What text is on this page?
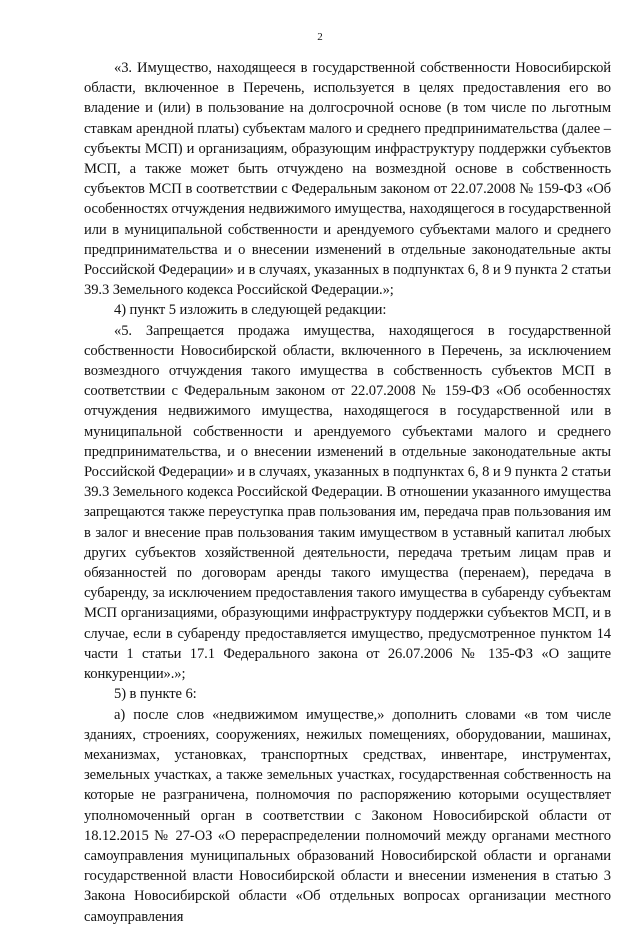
2

«3. Имущество, находящееся в государственной собственности Новосибирской области, включенное в Перечень, используется в целях предоставления его во владение и (или) в пользование на долгосрочной основе (в том числе по льготным ставкам арендной платы) субъектам малого и среднего предпринимательства (далее – субъекты МСП) и организациям, образующим инфраструктуру поддержки субъектов МСП, а также может быть отчуждено на возмездной основе в собственность субъектов МСП в соответствии с Федеральным законом от 22.07.2008 № 159-ФЗ «Об особенностях отчуждения недвижимого имущества, находящегося в государственной или в муниципальной собственности и арендуемого субъектами малого и среднего предпринимательства и о внесении изменений в отдельные законодательные акты Российской Федерации» и в случаях, указанных в подпунктах 6, 8 и 9 пункта 2 статьи 39.3 Земельного кодекса Российской Федерации.»;

4) пункт 5 изложить в следующей редакции:

«5. Запрещается продажа имущества, находящегося в государственной собственности Новосибирской области, включенного в Перечень, за исключением возмездного отчуждения такого имущества в собственность субъектов МСП в соответствии с Федеральным законом от 22.07.2008 № 159-ФЗ «Об особенностях отчуждения недвижимого имущества, находящегося в государственной или в муниципальной собственности и арендуемого субъектами малого и среднего предпринимательства, и о внесении изменений в отдельные законодательные акты Российской Федерации» и в случаях, указанных в подпунктах 6, 8 и 9 пункта 2 статьи 39.3 Земельного кодекса Российской Федерации. В отношении указанного имущества запрещаются также переуступка прав пользования им, передача прав пользования им в залог и внесение прав пользования таким имуществом в уставный капитал любых других субъектов хозяйственной деятельности, передача третьим лицам прав и обязанностей по договорам аренды такого имущества (перенаем), передача в субаренду, за исключением предоставления такого имущества в субаренду субъектам МСП организациями, образующими инфраструктуру поддержки субъектов МСП, и в случае, если в субаренду предоставляется имущество, предусмотренное пунктом 14 части 1 статьи 17.1 Федерального закона от 26.07.2006 № 135-ФЗ «О защите конкуренции».»;

5) в пункте 6:

а) после слов «недвижимом имуществе,» дополнить словами «в том числе зданиях, строениях, сооружениях, нежилых помещениях, оборудовании, машинах, механизмах, установках, транспортных средствах, инвентаре, инструментах, земельных участках, а также земельных участках, государственная собственность на которые не разграничена, полномочия по распоряжению которыми осуществляет уполномоченный орган в соответствии с Законом Новосибирской области от 18.12.2015 № 27-ОЗ «О перераспределении полномочий между органами местного самоуправления муниципальных образований Новосибирской области и органами государственной власти Новосибирской области и внесении изменения в статью 3 Закона Новосибирской области «Об отдельных вопросах организации местного самоуправления
